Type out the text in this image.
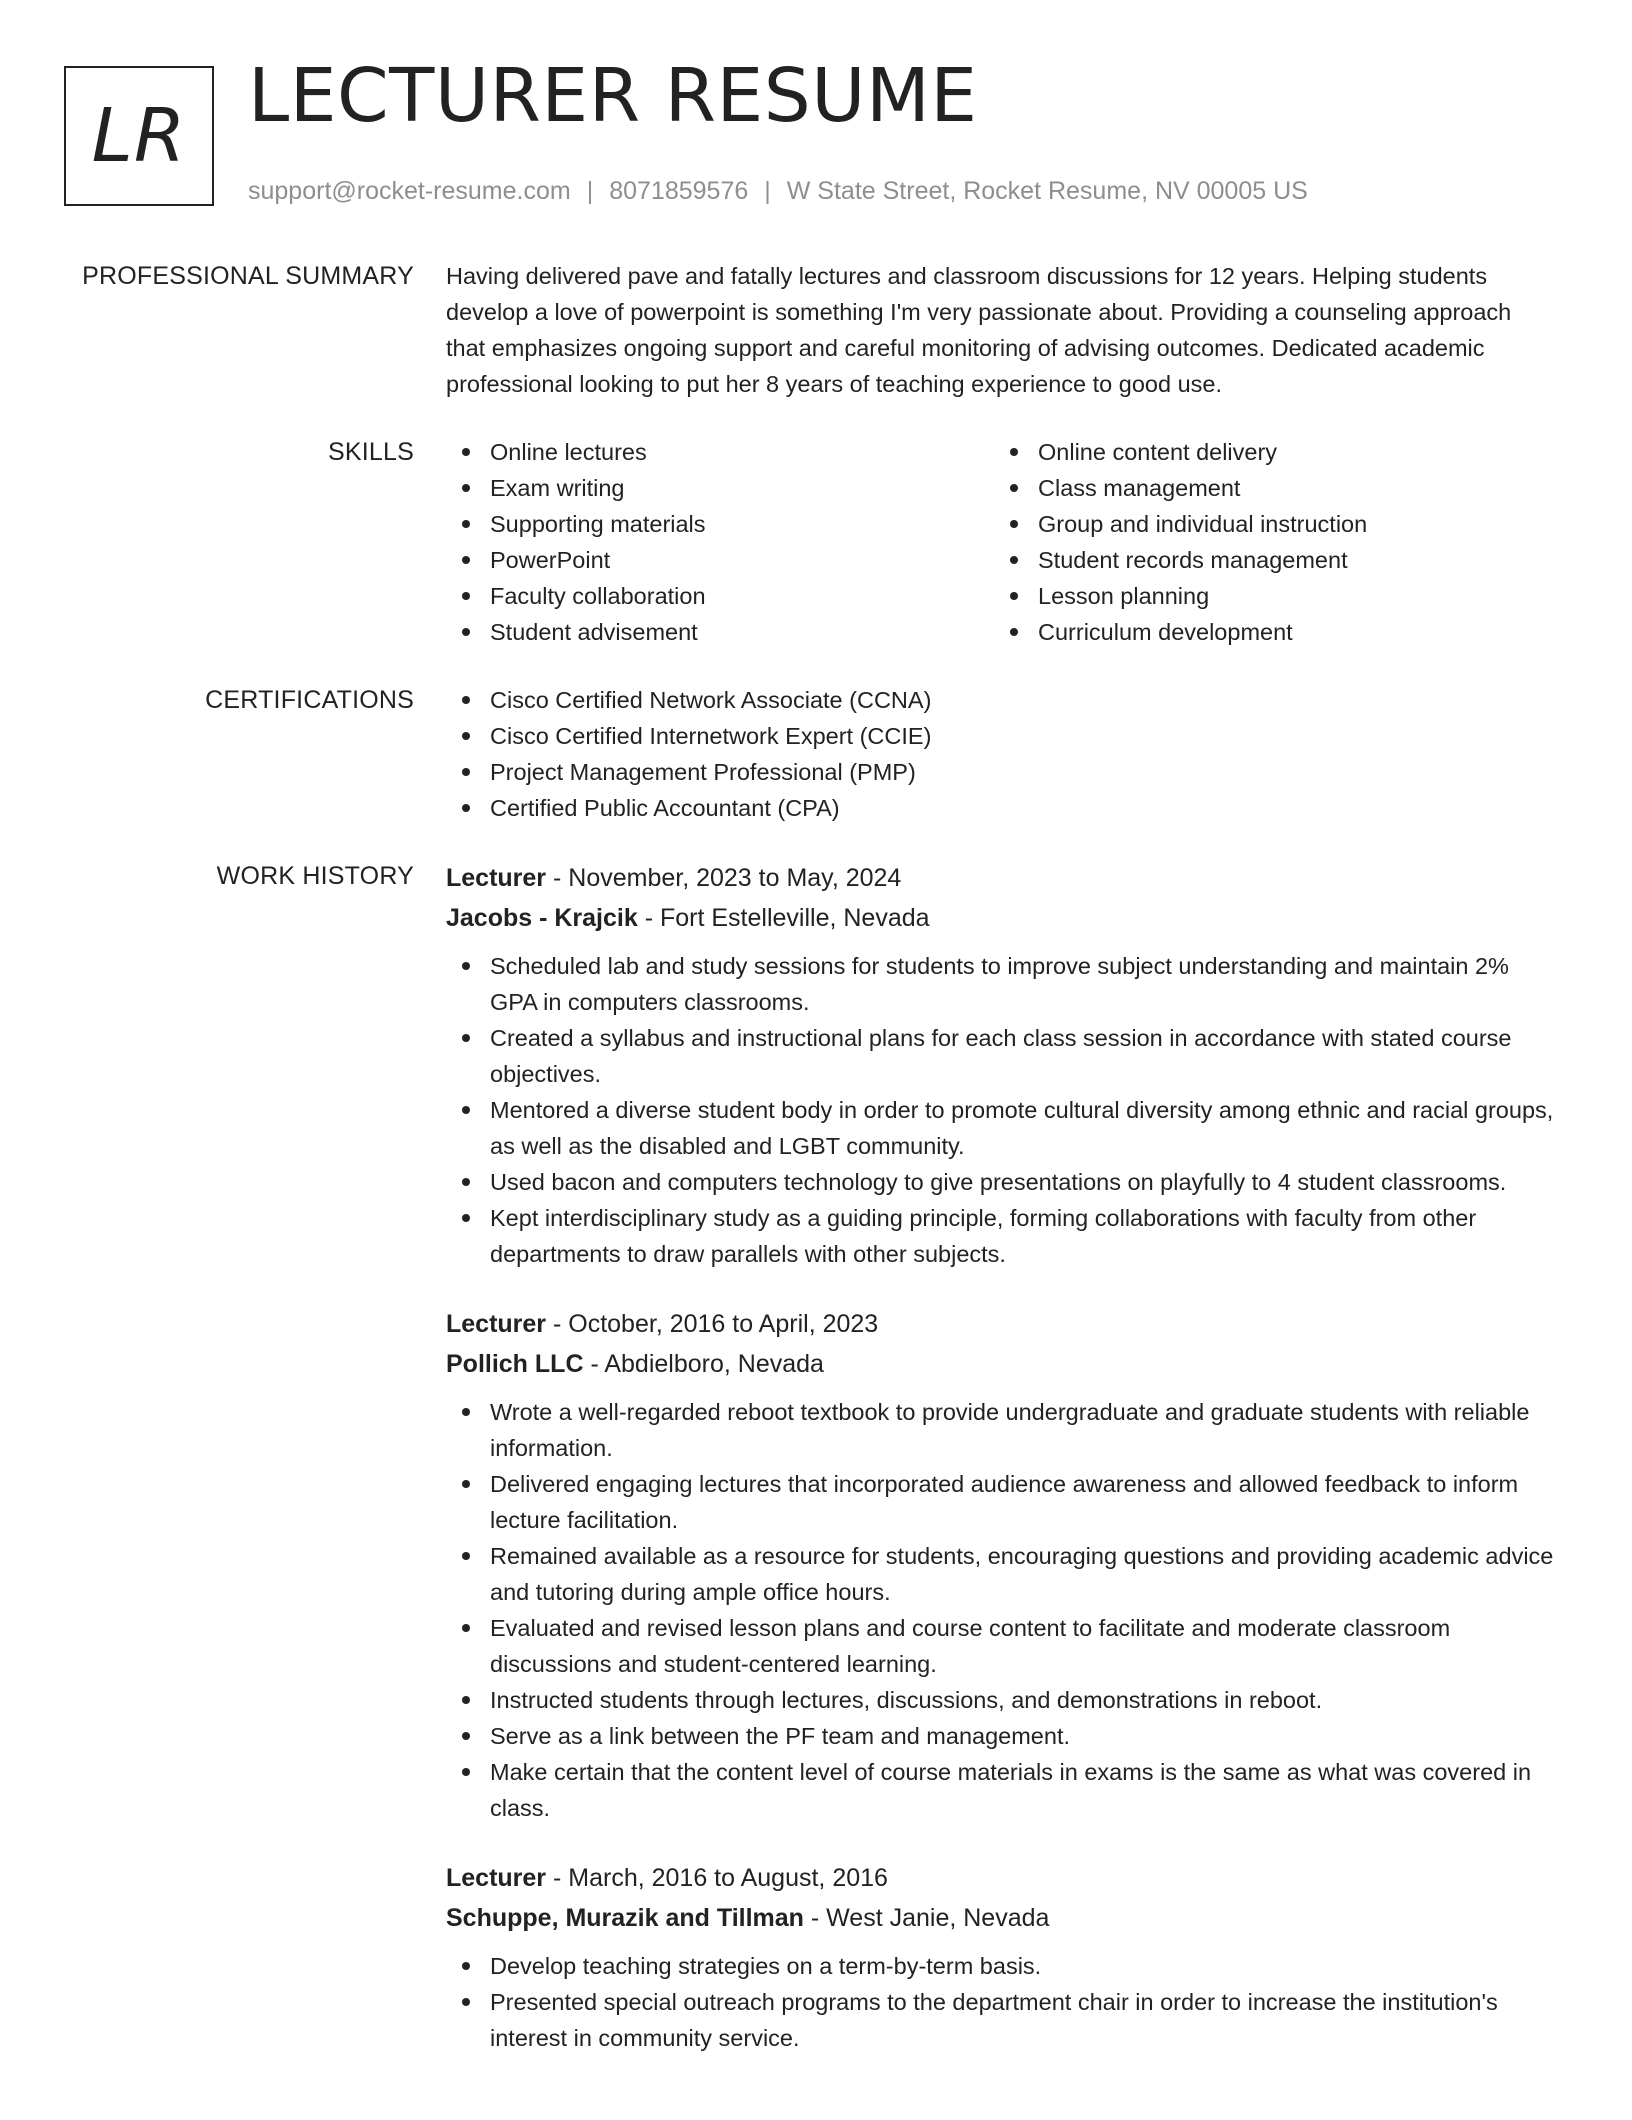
LR LECTURER RESUME
support@rocket-resume.com | 8071859576 | W State Street, Rocket Resume, NV 00005 US
PROFESSIONAL SUMMARY Having delivered pave and fatally lectures and classroom discussions for 12 years. Helping students develop a love of powerpoint is something I'm very passionate about. Providing a counseling approach that emphasizes ongoing support and careful monitoring of advising outcomes. Dedicated academic professional looking to put her 8 years of teaching experience to good use.

SKILLS	Online lectures
Exam writing
Supporting materials
PowerPoint
Faculty collaboration
Student advisement
Online content delivery
Class management
Group and individual instruction
Student records management
Lesson planning
Curriculum development
CERTIFICATIONS	Cisco Certified Network Associate (CCNA)
Cisco Certified Internetwork Expert (CCIE)
Project Management Professional (PMP)
Certified Public Accountant (CPA)
WORK HISTORY Lecturer - November, 2023 to May, 2024
Jacobs - Krajcik - Fort Estelleville, Nevada
Scheduled lab and study sessions for students to improve subject understanding and maintain 2% GPA in computers classrooms.
Created a syllabus and instructional plans for each class session in accordance with stated course objectives.
Mentored a diverse student body in order to promote cultural diversity among ethnic and racial groups, as well as the disabled and LGBT community.
Used bacon and computers technology to give presentations on playfully to 4 student classrooms.
Kept interdisciplinary study as a guiding principle, forming collaborations with faculty from other departments to draw parallels with other subjects.
Lecturer - October, 2016 to April, 2023
Pollich LLC - Abdielboro, Nevada
Wrote a well-regarded reboot textbook to provide undergraduate and graduate students with reliable information.
Delivered engaging lectures that incorporated audience awareness and allowed feedback to inform lecture facilitation.
Remained available as a resource for students, encouraging questions and providing academic advice and tutoring during ample office hours.
Evaluated and revised lesson plans and course content to facilitate and moderate classroom discussions and student-centered learning.
Instructed students through lectures, discussions, and demonstrations in reboot.
Serve as a link between the PF team and management.
Make certain that the content level of course materials in exams is the same as what was covered in class.
Lecturer - March, 2016 to August, 2016
Schuppe, Murazik and Tillman - West Janie, Nevada
Develop teaching strategies on a term-by-term basis.
Presented special outreach programs to the department chair in order to increase the institution's interest in community service.
